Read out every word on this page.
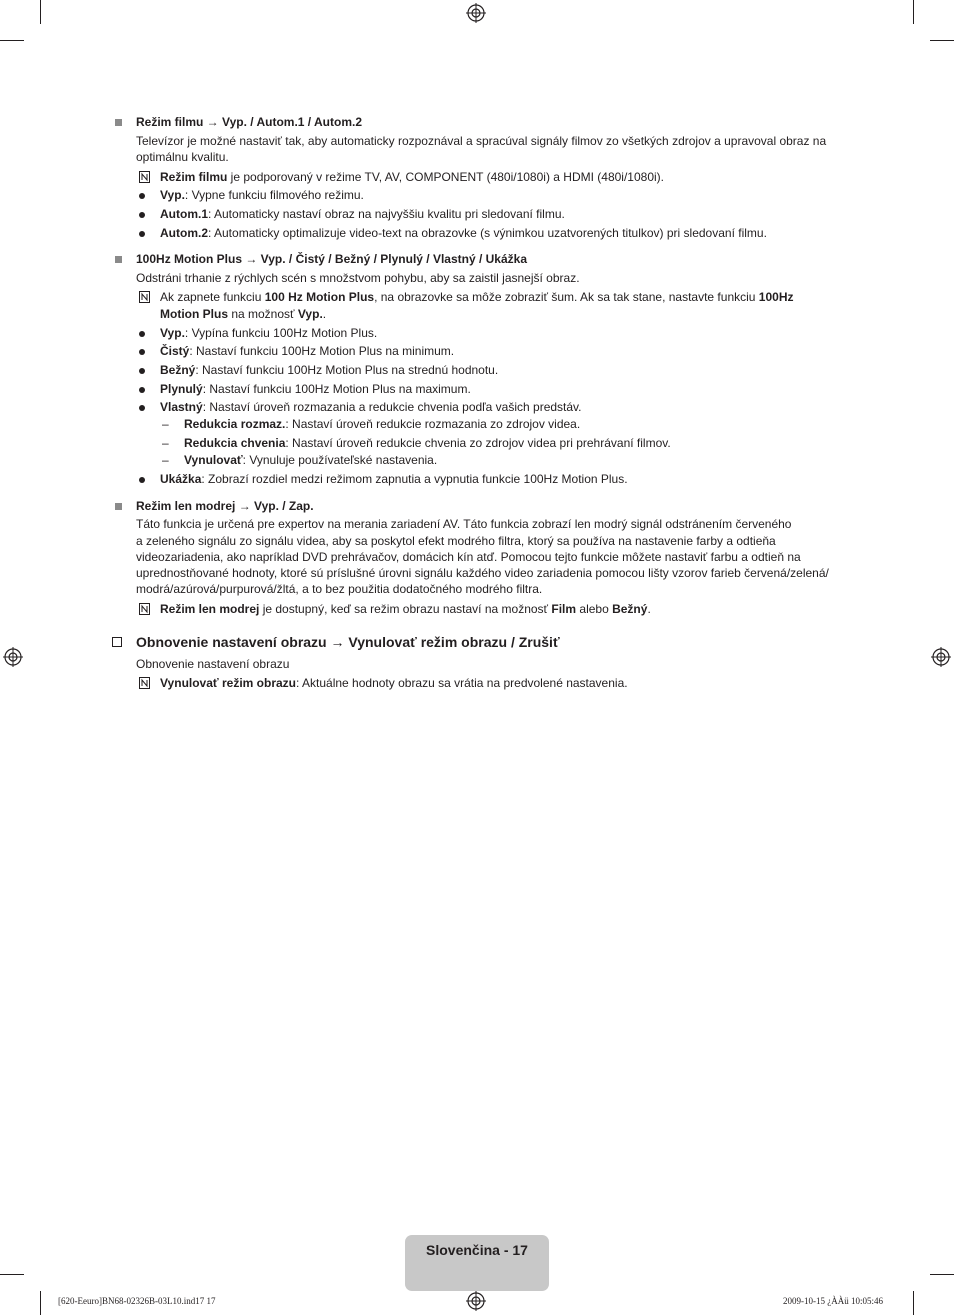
Režim filmu → Vyp. / Autom.1 / Autom.2
Televízor je možné nastaviť tak, aby automaticky rozpoznával a spracúval signály filmov zo všetkých zdrojov a upravoval obraz na
optimálnu kvalitu.
Režim filmu je podporovaný v režime TV, AV, COMPONENT (480i/1080i) a HDMI (480i/1080i).
Vyp.: Vypne funkciu filmového režimu.
Autom.1: Automaticky nastaví obraz na najvyššiu kvalitu pri sledovaní filmu.
Autom.2: Automaticky optimalizuje video-text na obrazovke (s výnimkou uzatvorených titulkov) pri sledovaní filmu.
100Hz Motion Plus → Vyp. / Čistý / Bežný / Plynulý / Vlastný / Ukážka
Odstráni trhanie z rýchlych scén s množstvom pohybu, aby sa zaistil jasnejší obraz.
Ak zapnete funkciu 100 Hz Motion Plus, na obrazovke sa môže zobraziť šum. Ak sa tak stane, nastavte funkciu 100Hz
Motion Plus na možnosť Vyp..
Vyp.: Vypína funkciu 100Hz Motion Plus.
Čistý: Nastaví funkciu 100Hz Motion Plus na minimum.
Bežný: Nastaví funkciu 100Hz Motion Plus na strednú hodnotu.
Plynulý: Nastaví funkciu 100Hz Motion Plus na maximum.
Vlastný: Nastaví úroveň rozmazania a redukcie chvenia podľa vašich predstáv.
– Redukcia rozmaz.: Nastaví úroveň redukcie rozmazania zo zdrojov videa.
– Redukcia chvenia: Nastaví úroveň redukcie chvenia zo zdrojov videa pri prehrávaní filmov.
– Vynulovať: Vynuluje používateľské nastavenia.
Ukážka: Zobrazí rozdiel medzi režimom zapnutia a vypnutia funkcie 100Hz Motion Plus.
Režim len modrej → Vyp. / Zap.
Táto funkcia je určená pre expertov na merania zariadení AV. Táto funkcia zobrazí len modrý signál odstránením červeného
a zeleného signálu zo signálu videa, aby sa poskytol efekt modrého filtra, ktorý sa používa na nastavenie farby a odtieňa
videozariadenia, ako napríklad DVD prehrávačov, domácich kín atď. Pomocou tejto funkcie môžete nastaviť farbu a odtieň na
uprednostňované hodnoty, ktoré sú príslušné úrovni signálu každého video zariadenia pomocou lišty vzorov farieb červená/zelená/
modrá/azúrová/purpurová/žltá, a to bez použitia dodatočného modrého filtra.
Režim len modrej je dostupný, keď sa režim obrazu nastaví na možnosť Film alebo Bežný.
Obnovenie nastavení obrazu → Vynulovať režim obrazu / Zrušiť
Obnovenie nastavení obrazu
Vynulovať režim obrazu: Aktuálne hodnoty obrazu sa vrátia na predvolené nastavenia.
Slovenčina - 17
[620-Eeuro]BN68-02326B-03L10.ind17 17	2009-10-15 ¿ÀÀü 10:05:46
